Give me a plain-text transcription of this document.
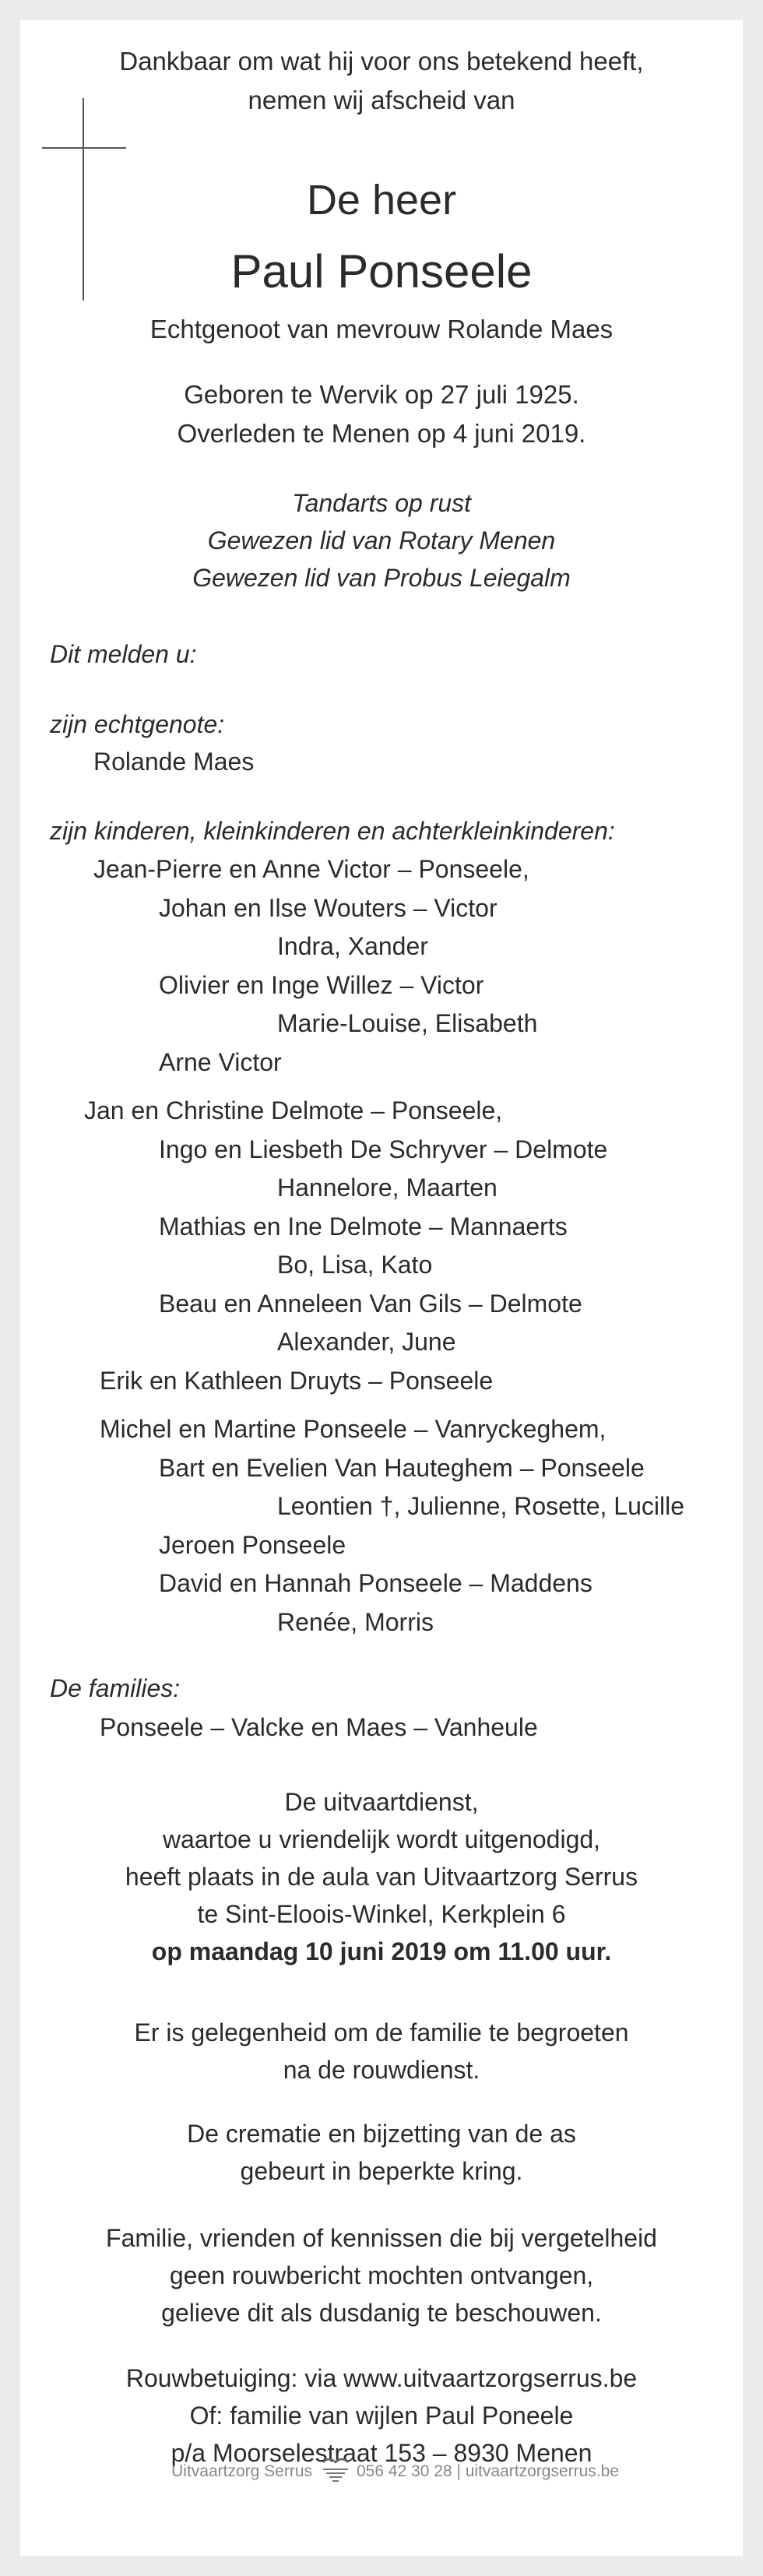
Dankbaar om wat hij voor ons betekend heeft,
nemen wij afscheid van
De heer
Paul Ponseele
Echtgenoot van mevrouw Rolande Maes
Geboren te Wervik op 27 juli 1925.
Overleden te Menen op 4 juni 2019.
Tandarts op rust
Gewezen lid van Rotary Menen
Gewezen lid van Probus Leiegalm
Dit melden u:
zijn echtgenote:
Rolande Maes
zijn kinderen, kleinkinderen en achterkleinkinderen:
Jean-Pierre en Anne Victor – Ponseele,
Johan en Ilse Wouters – Victor
Indra, Xander
Olivier en Inge Willez – Victor
Marie-Louise, Elisabeth
Arne Victor
Jan en Christine Delmote – Ponseele,
Ingo en Liesbeth De Schryver – Delmote
Hannelore, Maarten
Mathias en Ine Delmote – Mannaerts
Bo, Lisa, Kato
Beau en Anneleen Van Gils – Delmote
Alexander, June
Erik en Kathleen Druyts – Ponseele
Michel en Martine Ponseele – Vanryckeghem,
Bart en Evelien Van Hauteghem – Ponseele
Leontien †, Julienne, Rosette, Lucille
Jeroen Ponseele
David en Hannah Ponseele – Maddens
Renée, Morris
De families:
Ponseele – Valcke en Maes – Vanheule
De uitvaartdienst,
waartoe u vriendelijk wordt uitgenodigd,
heeft plaats in de aula van Uitvaartzorg Serrus
te Sint-Eloois-Winkel, Kerkplein 6
op maandag 10 juni 2019 om 11.00 uur.
Er is gelegenheid om de familie te begroeten
na de rouwdienst.
De crematie en bijzetting van de as
gebeurt in beperkte kring.
Familie, vrienden of kennissen die bij vergetelheid
geen rouwbericht mochten ontvangen,
gelieve dit als dusdanig te beschouwen.
Rouwbetuiging: via www.uitvaartzorgserrus.be
Of: familie van wijlen Paul Poneele
p/a Moorselestraat 153 – 8930 Menen
Uitvaartzorg Serrus	056 42 30 28 | uitvaartzorgserrus.be
